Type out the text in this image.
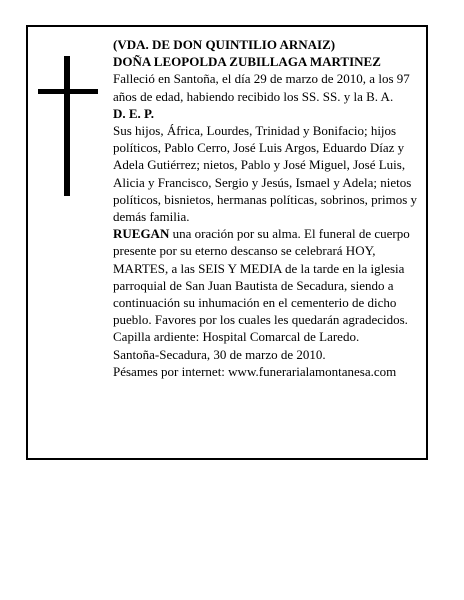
(VDA. DE DON QUINTILIO ARNAIZ)

DOÑA LEOPOLDA ZUBILLAGA MARTINEZ

Falleció en Santoña, el día 29 de marzo de 2010, a los 97 años de edad, habiendo recibido los SS. SS. y la B. A.

D. E. P.

Sus hijos, África, Lourdes, Trinidad y Bonifacio; hijos políticos, Pablo Cerro, José Luis Argos, Eduardo Díaz y Adela Gutiérrez; nietos, Pablo y José Miguel, José Luis, Alicia y Francisco, Sergio y Jesús, Ismael y Adela; nietos políticos, bisnietos, hermanas políticas, sobrinos, primos y demás familia.

RUEGAN una oración por su alma. El funeral de cuerpo presente por su eterno descanso se celebrará HOY, MARTES, a las SEIS Y MEDIA de la tarde en la iglesia parroquial de San Juan Bautista de Secadura, siendo a continuación su inhumación en el cementerio de dicho pueblo. Favores por los cuales les quedarán agradecidos. Capilla ardiente: Hospital Comarcal de Laredo.

Santoña-Secadura, 30 de marzo de 2010.

Pésames por internet: www.funerarialamontanesa.com
